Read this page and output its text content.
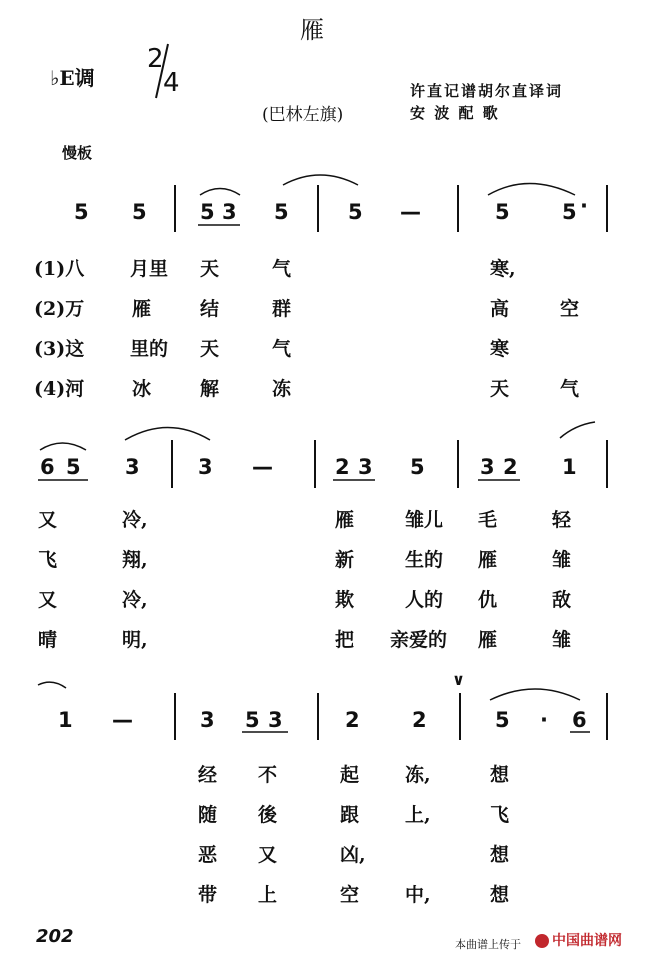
雁
♭E调
2
4	许直记谱胡尔直译词
(巴林左旗)	安 波 配 歌
慢板
5 5	5 3 5	5 —	5 5 ·
(1)八 月里 天	气	寒,
(2)万	雁	结	群	高	空
(3)这 里的 天	气	寒
(4)河	冰	解	冻	天	气
6 5 3	3 —	2 3 5	3 2 1
又	冷,	雁	雏儿 毛	轻
飞	翔,	新	生的 雁	雏
又	冷,	欺	人的 仇	敌
晴	明,	把 亲爱的 雁	雏
1 —	3 5 3	2 2	5 · 6
∨
经 不	起 冻,	想
随 後	跟 上,	飞
恶 又	凶,	想
带 上	空 中,	想
202	本曲谱上传于	中国曲谱网
